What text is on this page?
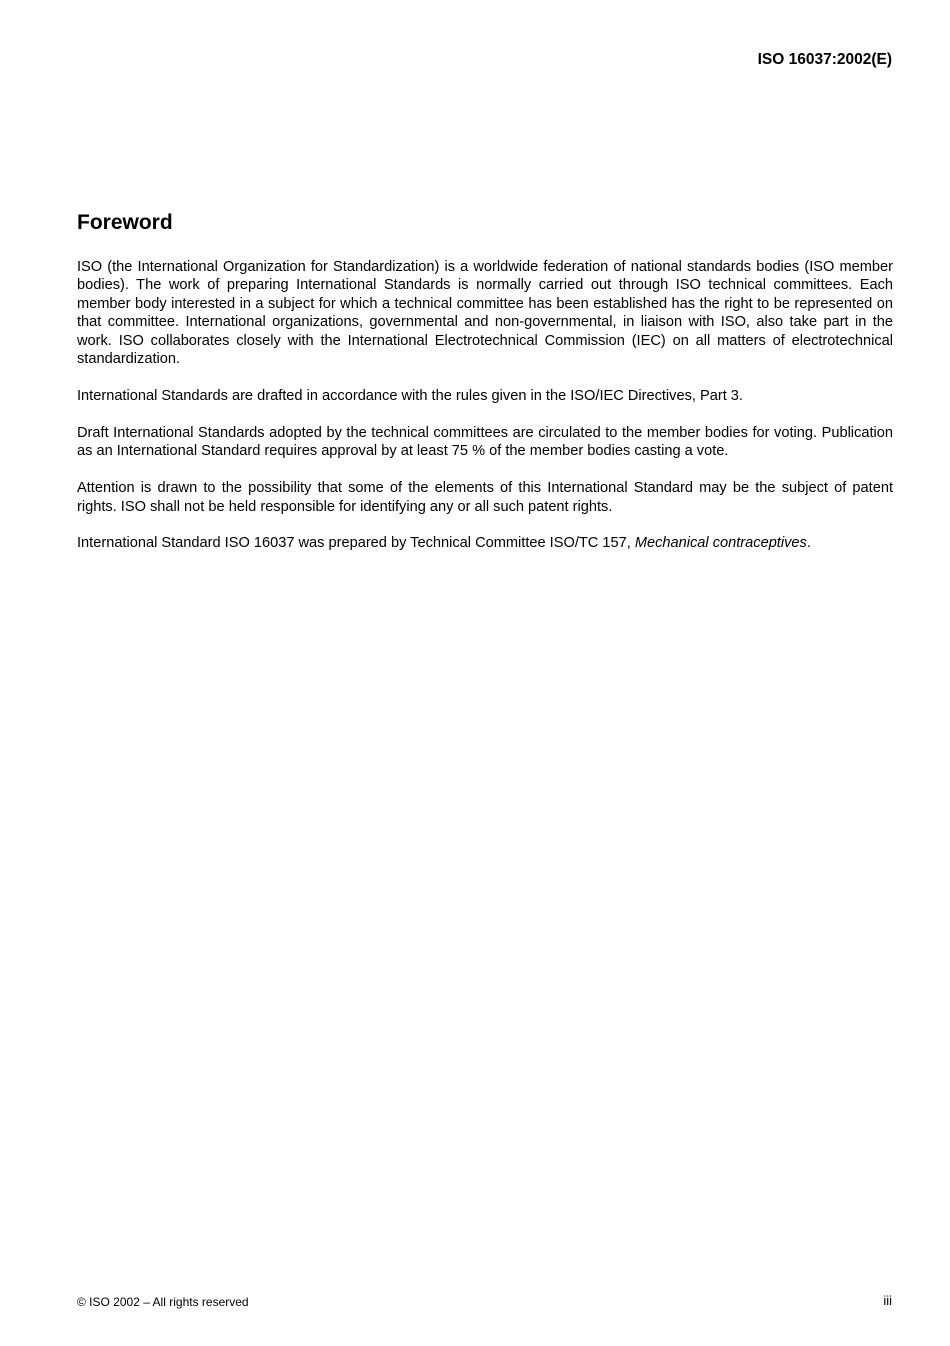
ISO 16037:2002(E)

Foreword

ISO (the International Organization for Standardization) is a worldwide federation of national standards bodies (ISO member bodies). The work of preparing International Standards is normally carried out through ISO technical committees. Each member body interested in a subject for which a technical committee has been established has the right to be represented on that committee. International organizations, governmental and non-governmental, in liaison with ISO, also take part in the work. ISO collaborates closely with the International Electrotechnical Commission (IEC) on all matters of electrotechnical standardization.

International Standards are drafted in accordance with the rules given in the ISO/IEC Directives, Part 3.

Draft International Standards adopted by the technical committees are circulated to the member bodies for voting. Publication as an International Standard requires approval by at least 75 % of the member bodies casting a vote.

Attention is drawn to the possibility that some of the elements of this International Standard may be the subject of patent rights. ISO shall not be held responsible for identifying any or all such patent rights.

International Standard ISO 16037 was prepared by Technical Committee ISO/TC 157, Mechanical contraceptives.

© ISO 2002 – All rights reserved	iii
